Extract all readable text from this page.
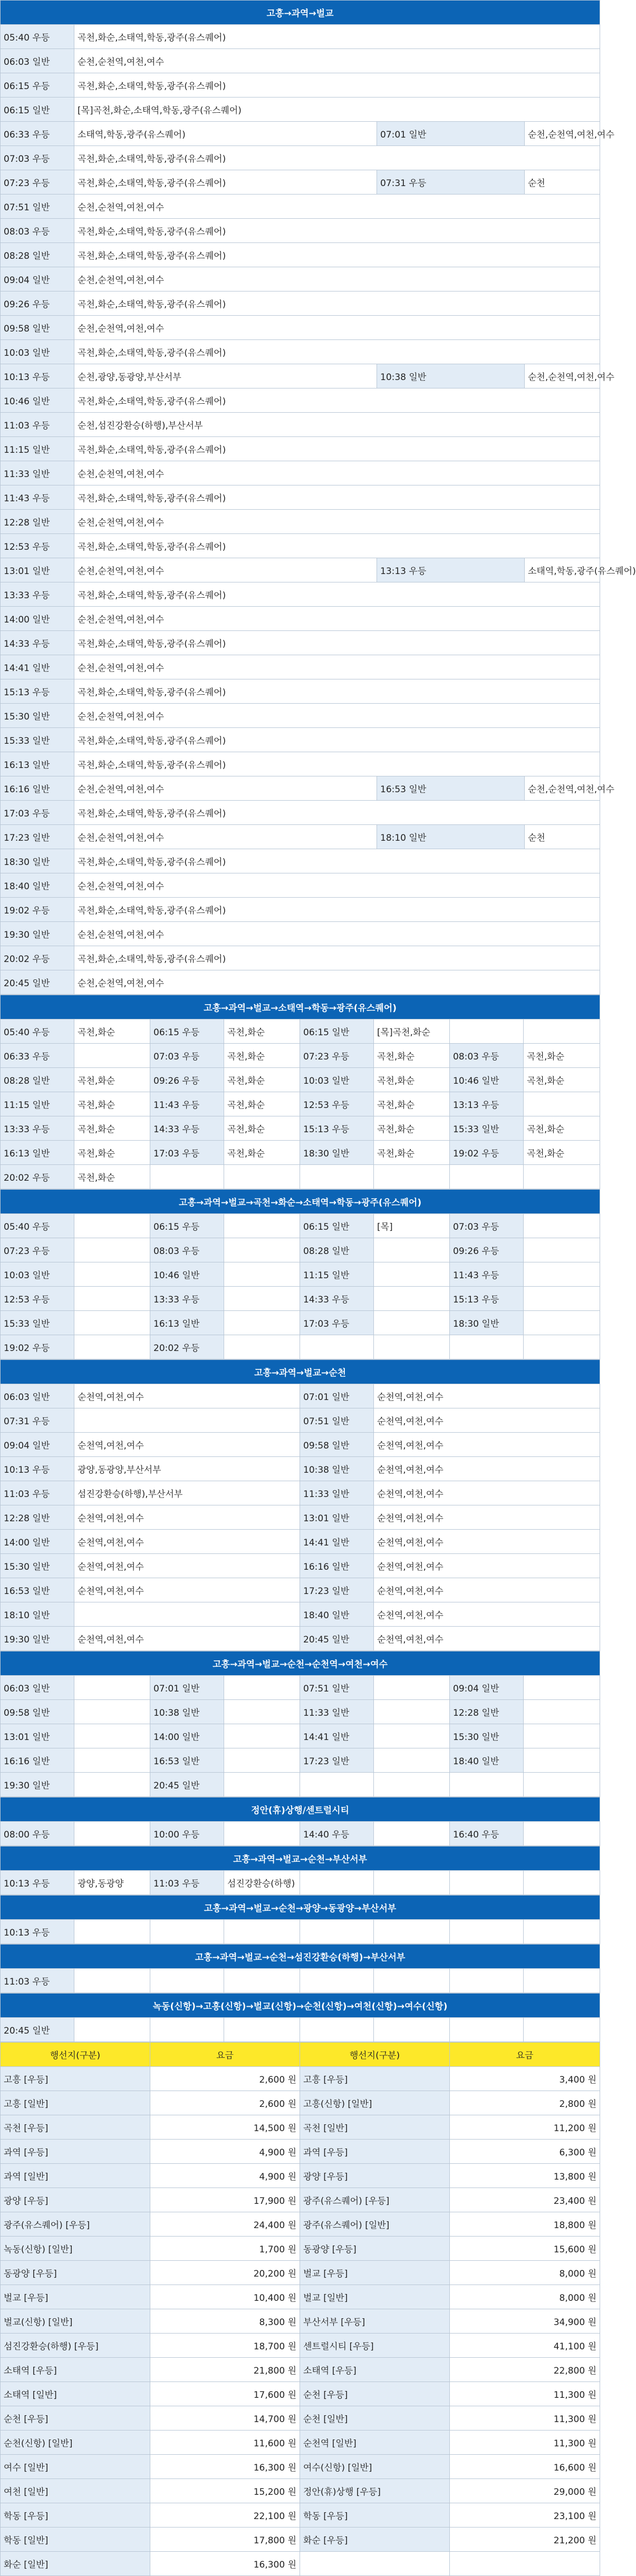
고흥→과역→벌교			
05:40 우등	곡천,화순,소태역,학동,광주(유스퀘어)		
06:03 일반	순천,순천역,여천,여수		
06:15 우등	곡천,화순,소태역,학동,광주(유스퀘어)		
06:15 일반	[목]곡천,화순,소태역,학동,광주(유스퀘어)		
06:33 우등	소태역,학동,광주(유스퀘어)	07:01 일반	순천,순천역,여천,여수
07:03 우등	곡천,화순,소태역,학동,광주(유스퀘어)		
07:23 우등	곡천,화순,소태역,학동,광주(유스퀘어)	07:31 우등	순천
07:51 일반	순천,순천역,여천,여수		
08:03 우등	곡천,화순,소태역,학동,광주(유스퀘어)		
08:28 일반	곡천,화순,소태역,학동,광주(유스퀘어)		
09:04 일반	순천,순천역,여천,여수		
09:26 우등	곡천,화순,소태역,학동,광주(유스퀘어)		
09:58 일반	순천,순천역,여천,여수		
10:03 일반	곡천,화순,소태역,학동,광주(유스퀘어)		
10:13 우등	순천,광양,동광양,부산서부	10:38 일반	순천,순천역,여천,여수
10:46 일반	곡천,화순,소태역,학동,광주(유스퀘어)		
11:03 우등	순천,섬진강환승(하행),부산서부		
11:15 일반	곡천,화순,소태역,학동,광주(유스퀘어)		
11:33 일반	순천,순천역,여천,여수		
11:43 우등	곡천,화순,소태역,학동,광주(유스퀘어)		
12:28 일반	순천,순천역,여천,여수		
12:53 우등	곡천,화순,소태역,학동,광주(유스퀘어)		
13:01 일반	순천,순천역,여천,여수	13:13 우등	소태역,학동,광주(유스퀘어)
13:33 우등	곡천,화순,소태역,학동,광주(유스퀘어)		
14:00 일반	순천,순천역,여천,여수		
14:33 우등	곡천,화순,소태역,학동,광주(유스퀘어)		
14:41 일반	순천,순천역,여천,여수		
15:13 우등	곡천,화순,소태역,학동,광주(유스퀘어)		
15:30 일반	순천,순천역,여천,여수		
15:33 일반	곡천,화순,소태역,학동,광주(유스퀘어)		
16:13 일반	곡천,화순,소태역,학동,광주(유스퀘어)		
16:16 일반	순천,순천역,여천,여수	16:53 일반	순천,순천역,여천,여수
17:03 우등	곡천,화순,소태역,학동,광주(유스퀘어)		
17:23 일반	순천,순천역,여천,여수	18:10 일반	순천
18:30 일반	곡천,화순,소태역,학동,광주(유스퀘어)		
18:40 일반	순천,순천역,여천,여수		
19:02 우등	곡천,화순,소태역,학동,광주(유스퀘어)		
19:30 일반	순천,순천역,여천,여수		
20:02 우등	곡천,화순,소태역,학동,광주(유스퀘어)		
20:45 일반	순천,순천역,여천,여수		
고흥→과역→벌교→소태역→학동→광주(유스퀘어)							
05:40 우등	곡천,화순	06:15 우등	곡천,화순	06:15 일반	[목]곡천,화순		
06:33 우등		07:03 우등	곡천,화순	07:23 우등	곡천,화순	08:03 우등	곡천,화순
08:28 일반	곡천,화순	09:26 우등	곡천,화순	10:03 일반	곡천,화순	10:46 일반	곡천,화순
11:15 일반	곡천,화순	11:43 우등	곡천,화순	12:53 우등	곡천,화순	13:13 우등	
13:33 우등	곡천,화순	14:33 우등	곡천,화순	15:13 우등	곡천,화순	15:33 일반	곡천,화순
16:13 일반	곡천,화순	17:03 우등	곡천,화순	18:30 일반	곡천,화순	19:02 우등	곡천,화순
20:02 우등	곡천,화순						
고흥→과역→벌교→곡천→화순→소태역→학동→광주(유스퀘어)							
05:40 우등		06:15 우등		06:15 일반	[목]	07:03 우등	
07:23 우등		08:03 우등		08:28 일반		09:26 우등	
10:03 일반		10:46 일반		11:15 일반		11:43 우등	
12:53 우등		13:33 우등		14:33 우등		15:13 우등	
15:33 일반		16:13 일반		17:03 우등		18:30 일반	
19:02 우등		20:02 우등					
고흥→과역→벌교→순천			
06:03 일반	순천역,여천,여수	07:01 일반	순천역,여천,여수
07:31 우등		07:51 일반	순천역,여천,여수
09:04 일반	순천역,여천,여수	09:58 일반	순천역,여천,여수
10:13 우등	광양,동광양,부산서부	10:38 일반	순천역,여천,여수
11:03 우등	섬진강환승(하행),부산서부	11:33 일반	순천역,여천,여수
12:28 일반	순천역,여천,여수	13:01 일반	순천역,여천,여수
14:00 일반	순천역,여천,여수	14:41 일반	순천역,여천,여수
15:30 일반	순천역,여천,여수	16:16 일반	순천역,여천,여수
16:53 일반	순천역,여천,여수	17:23 일반	순천역,여천,여수
18:10 일반		18:40 일반	순천역,여천,여수
19:30 일반	순천역,여천,여수	20:45 일반	순천역,여천,여수
고흥→과역→벌교→순천→순천역→여천→여수							
06:03 일반		07:01 일반		07:51 일반		09:04 일반	
09:58 일반		10:38 일반		11:33 일반		12:28 일반	
13:01 일반		14:00 일반		14:41 일반		15:30 일반	
16:16 일반		16:53 일반		17:23 일반		18:40 일반	
19:30 일반		20:45 일반					
정안(휴)상행/센트럴시티
08:00 우등		10:00 우등		14:40 우등		16:40 우등	
고흥→과역→벌교→순천→부산서부
10:13 우등	광양,동광양	11:03 우등	섬진강환승(하행)				
고흥→과역→벌교→순천→광양→동광양→부산서부
10:13 우등							
고흥→과역→벌교→순천→섬진강환승(하행)→부산서부
11:03 우등							
녹동(신항)→고흥(신항)→벌교(신항)→순천(신항)→여천(신항)→여수(신항)
20:45 일반							
행선지(구분)	요금	행선지(구분)	요금
고흥 [우등]	2,600 원	고흥 [우등]	3,400 원
고흥 [일반]	2,600 원	고흥(신항) [일반]	2,800 원
곡천 [우등]	14,500 원	곡천 [일반]	11,200 원
과역 [우등]	4,900 원	과역 [우등]	6,300 원
과역 [일반]	4,900 원	광양 [우등]	13,800 원
광양 [우등]	17,900 원	광주(유스퀘어) [우등]	23,400 원
광주(유스퀘어) [우등]	24,400 원	광주(유스퀘어) [일반]	18,800 원
녹동(신항) [일반]	1,700 원	동광양 [우등]	15,600 원
동광양 [우등]	20,200 원	벌교 [우등]	8,000 원
벌교 [우등]	10,400 원	벌교 [일반]	8,000 원
벌교(신항) [일반]	8,300 원	부산서부 [우등]	34,900 원
섬진강환승(하행) [우등]	18,700 원	센트럴시티 [우등]	41,100 원
소태역 [우등]	21,800 원	소태역 [우등]	22,800 원
소태역 [일반]	17,600 원	순천 [우등]	11,300 원
순천 [우등]	14,700 원	순천 [일반]	11,300 원
순천(신항) [일반]	11,600 원	순천역 [일반]	11,300 원
여수 [일반]	16,300 원	여수(신항) [일반]	16,600 원
여천 [일반]	15,200 원	정안(휴)상행 [우등]	29,000 원
학동 [우등]	22,100 원	학동 [우등]	23,100 원
학동 [일반]	17,800 원	화순 [우등]	21,200 원
화순 [일반]	16,300 원		
